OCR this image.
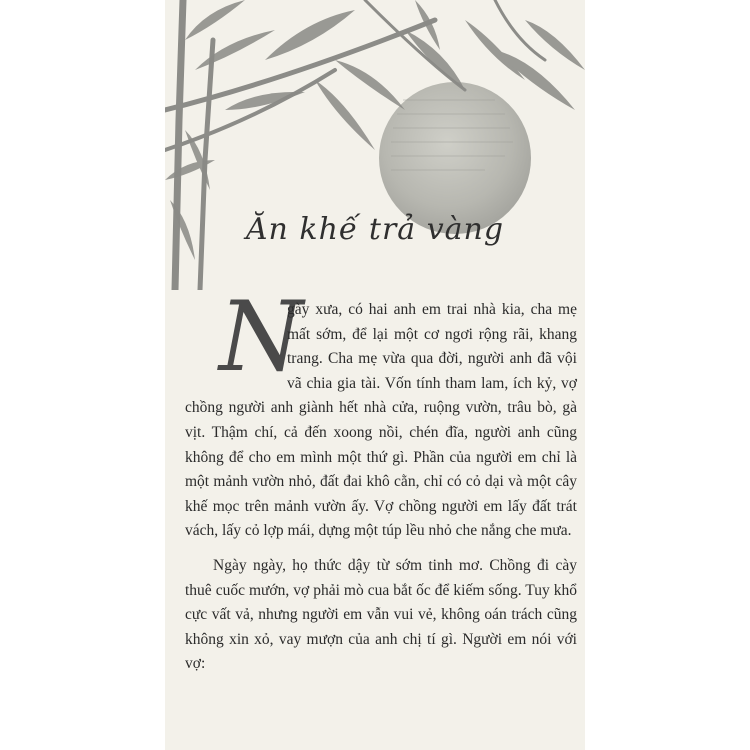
Ăn khế trả vàng

N
gày xưa, có hai anh em trai nhà kia, cha mẹ mất sớm, để lại một cơ ngơi rộng rãi, khang trang. Cha mẹ vừa qua đời, người anh đã vội vã chia gia tài. Vốn tính tham lam, ích kỷ, vợ chồng người anh giành hết nhà cửa, ruộng vườn, trâu bò, gà vịt. Thậm chí, cả đến xoong nồi, chén đĩa, người anh cũng không để cho em mình một thứ gì. Phần của người em chỉ là một mảnh vườn nhỏ, đất đai khô cằn, chỉ có cỏ dại và một cây khế mọc trên mảnh vườn ấy. Vợ chồng người em lấy đất trát vách, lấy cỏ lợp mái, dựng một túp lều nhỏ che nắng che mưa.

Ngày ngày, họ thức dậy từ sớm tinh mơ. Chồng đi cày thuê cuốc mướn, vợ phải mò cua bắt ốc để kiếm sống. Tuy khổ cực vất vả, nhưng người em vẫn vui vẻ, không oán trách cũng không xin xỏ, vay mượn của anh chị tí gì. Người em nói với vợ:
